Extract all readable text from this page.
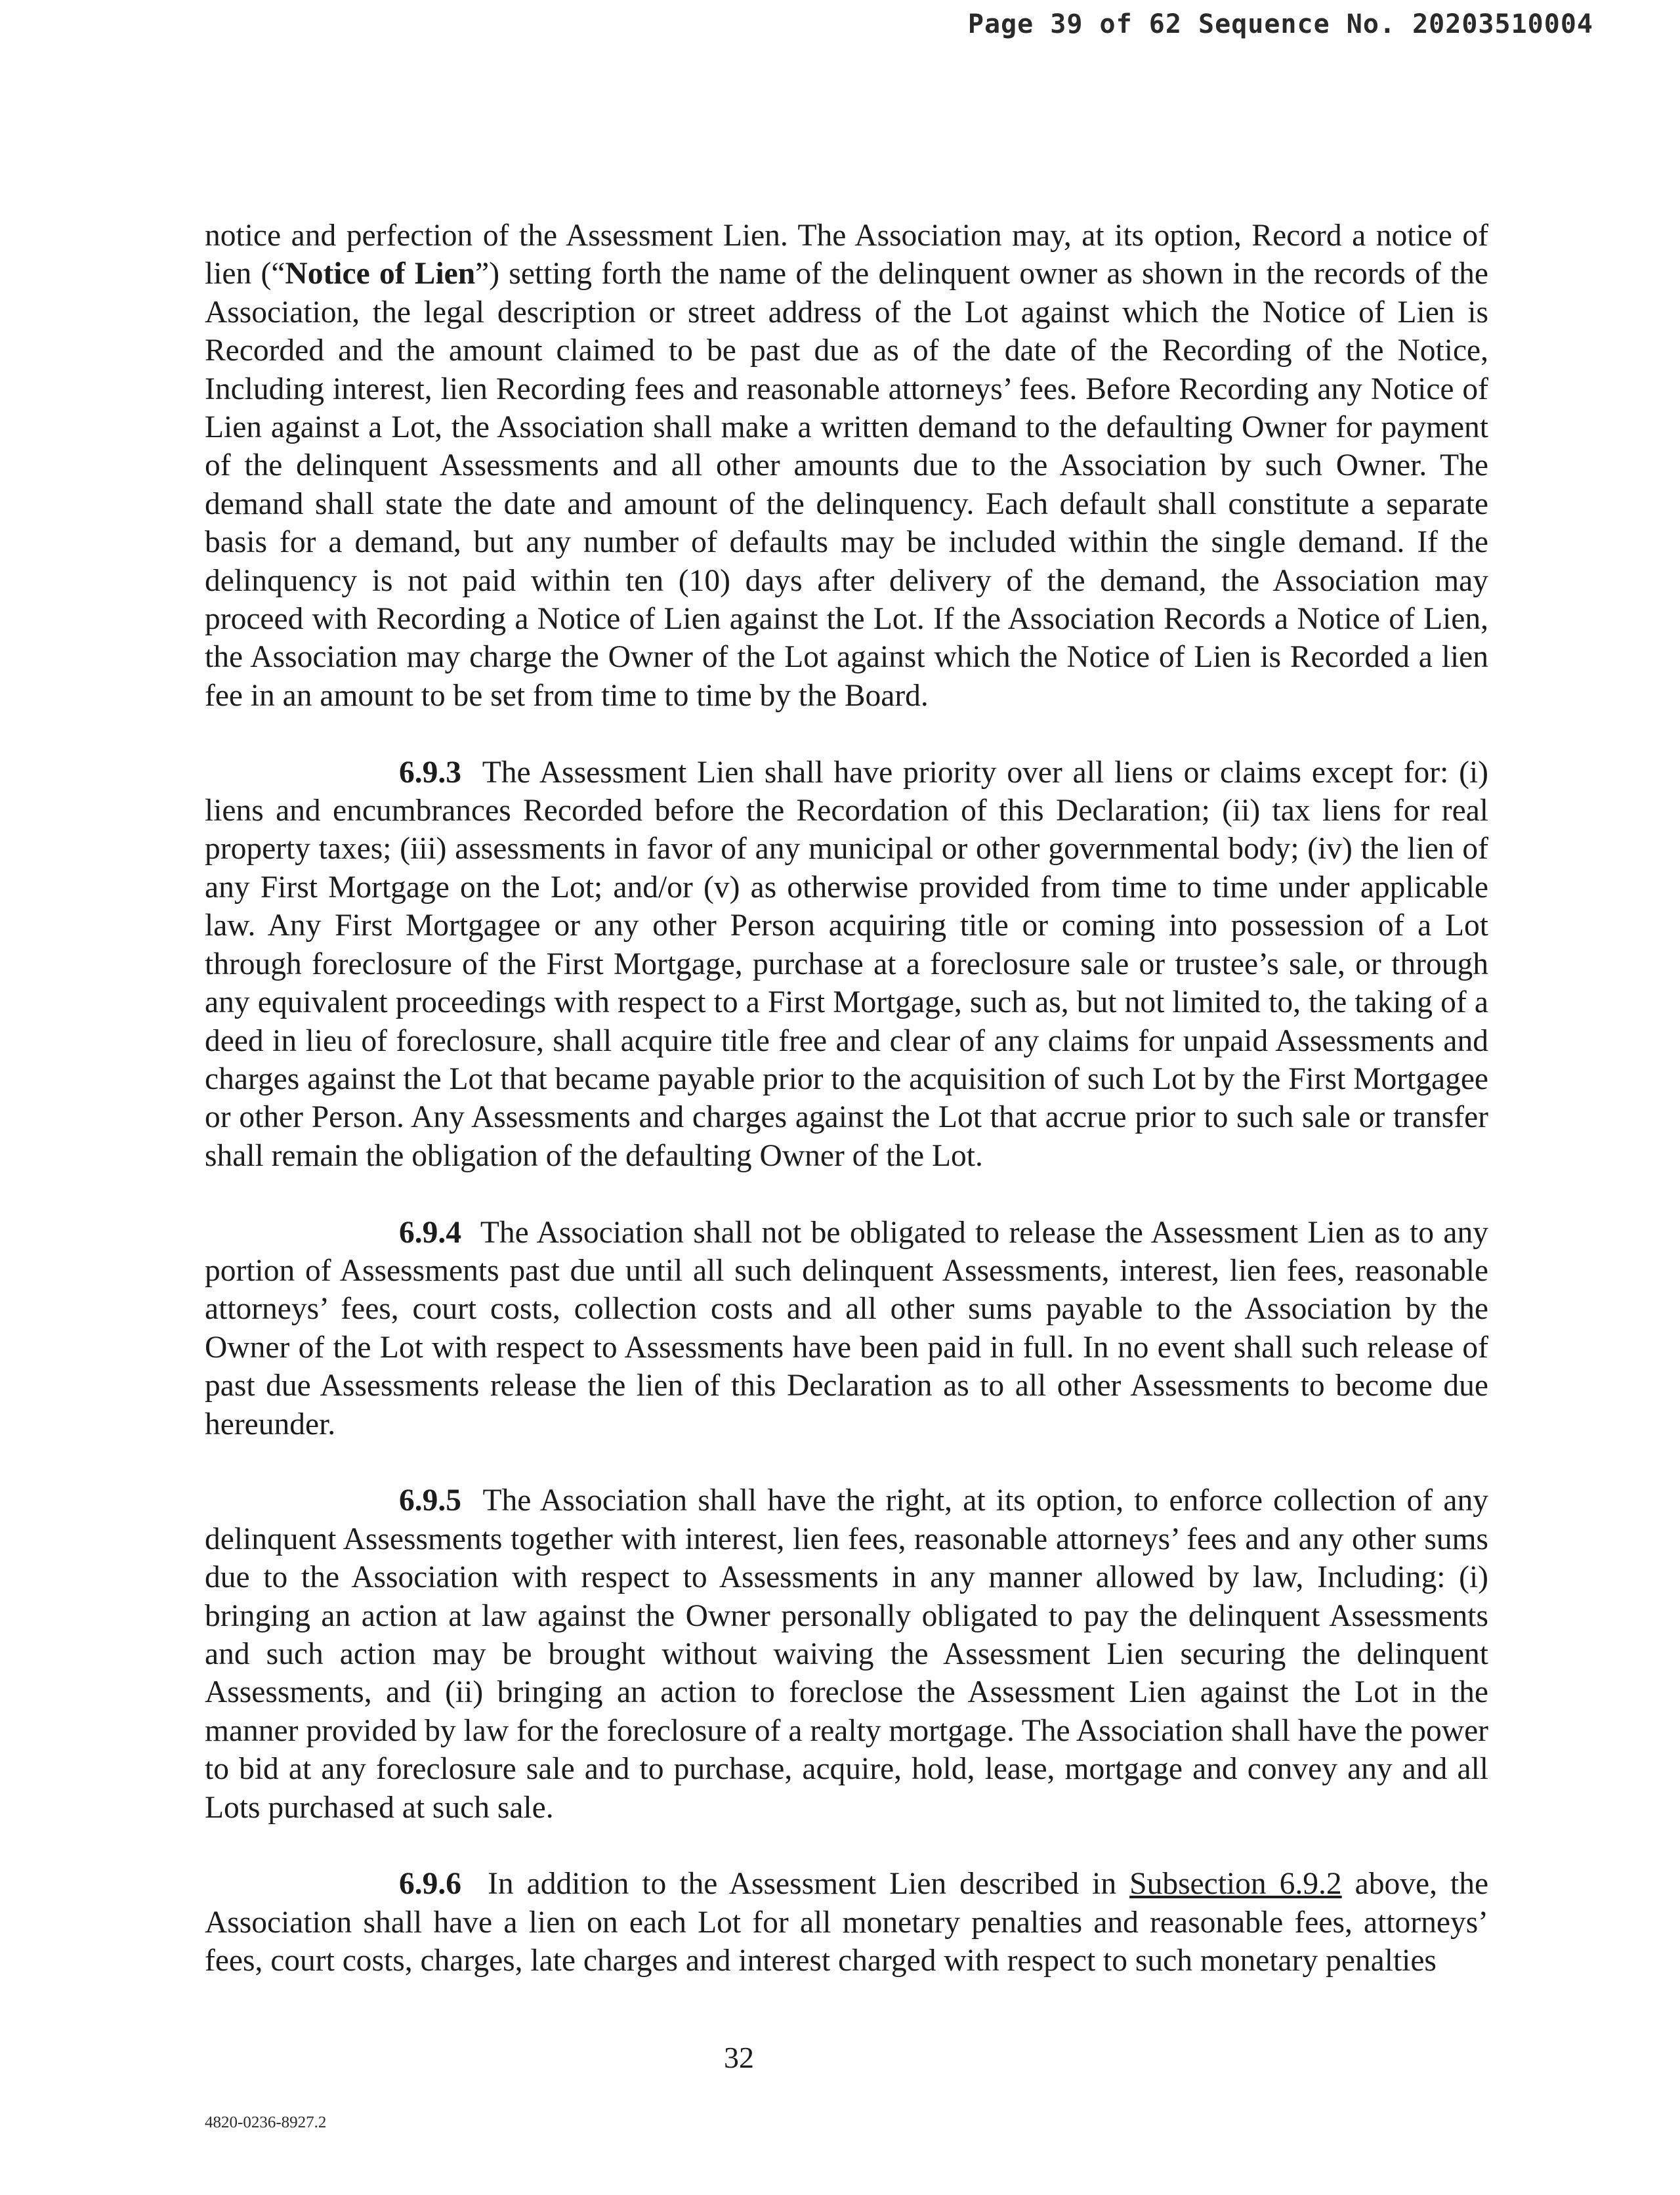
Page 39 of 62 Sequence No. 20203510004

notice and perfection of the Assessment Lien. The Association may, at its option, Record a notice of lien (“Notice of Lien”) setting forth the name of the delinquent owner as shown in the records of the Association, the legal description or street address of the Lot against which the Notice of Lien is Recorded and the amount claimed to be past due as of the date of the Recording of the Notice, Including interest, lien Recording fees and reasonable attorneys’ fees. Before Recording any Notice of Lien against a Lot, the Association shall make a written demand to the defaulting Owner for payment of the delinquent Assessments and all other amounts due to the Association by such Owner. The demand shall state the date and amount of the delinquency. Each default shall constitute a separate basis for a demand, but any number of defaults may be included within the single demand. If the delinquency is not paid within ten (10) days after delivery of the demand, the Association may proceed with Recording a Notice of Lien against the Lot. If the Association Records a Notice of Lien, the Association may charge the Owner of the Lot against which the Notice of Lien is Recorded a lien fee in an amount to be set from time to time by the Board.

6.9.3 The Assessment Lien shall have priority over all liens or claims except for: (i) liens and encumbrances Recorded before the Recordation of this Declaration; (ii) tax liens for real property taxes; (iii) assessments in favor of any municipal or other governmental body; (iv) the lien of any First Mortgage on the Lot; and/or (v) as otherwise provided from time to time under applicable law. Any First Mortgagee or any other Person acquiring title or coming into possession of a Lot through foreclosure of the First Mortgage, purchase at a foreclosure sale or trustee’s sale, or through any equivalent proceedings with respect to a First Mortgage, such as, but not limited to, the taking of a deed in lieu of foreclosure, shall acquire title free and clear of any claims for unpaid Assessments and charges against the Lot that became payable prior to the acquisition of such Lot by the First Mortgagee or other Person. Any Assessments and charges against the Lot that accrue prior to such sale or transfer shall remain the obligation of the defaulting Owner of the Lot.

6.9.4 The Association shall not be obligated to release the Assessment Lien as to any portion of Assessments past due until all such delinquent Assessments, interest, lien fees, reasonable attorneys’ fees, court costs, collection costs and all other sums payable to the Association by the Owner of the Lot with respect to Assessments have been paid in full. In no event shall such release of past due Assessments release the lien of this Declaration as to all other Assessments to become due hereunder.

6.9.5 The Association shall have the right, at its option, to enforce collection of any delinquent Assessments together with interest, lien fees, reasonable attorneys’ fees and any other sums due to the Association with respect to Assessments in any manner allowed by law, Including: (i) bringing an action at law against the Owner personally obligated to pay the delinquent Assessments and such action may be brought without waiving the Assessment Lien securing the delinquent Assessments, and (ii) bringing an action to foreclose the Assessment Lien against the Lot in the manner provided by law for the foreclosure of a realty mortgage. The Association shall have the power to bid at any foreclosure sale and to purchase, acquire, hold, lease, mortgage and convey any and all Lots purchased at such sale.

6.9.6 In addition to the Assessment Lien described in Subsection 6.9.2 above, the Association shall have a lien on each Lot for all monetary penalties and reasonable fees, attorneys’ fees, court costs, charges, late charges and interest charged with respect to such monetary penalties

32
4820-0236-8927.2
